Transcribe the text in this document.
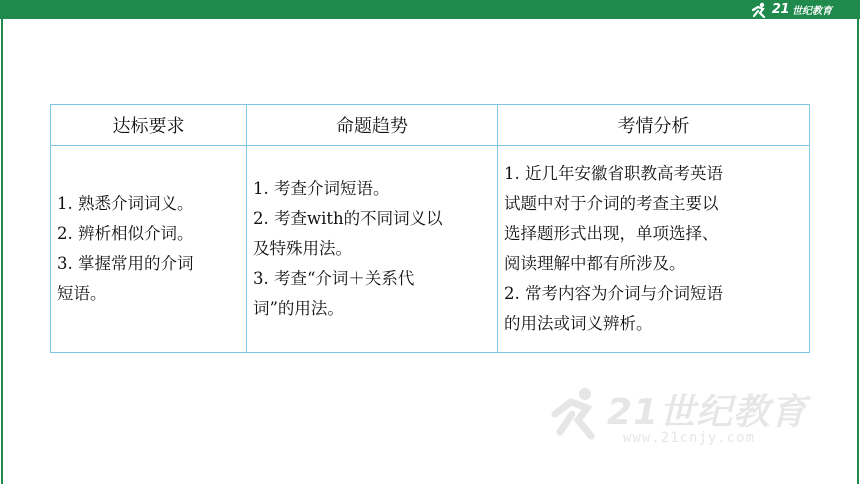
21 世纪教育
达标要求	命题趋势	考情分析
1. 熟悉介词词义。
2. 辨析相似介词。
3. 掌握常用的介词
短语。
1. 考查介词短语。
2. 考查with的不同词义以
及特殊用法。
3. 考查“介词＋关系代
词”的用法。
1. 近几年安徽省职教高考英语
试题中对于介词的考查主要以
选择题形式出现，单项选择、
阅读理解中都有所涉及。
2. 常考内容为介词与介词短语
的用法或词义辨析。
21世纪教育
www.21cnjy.com
